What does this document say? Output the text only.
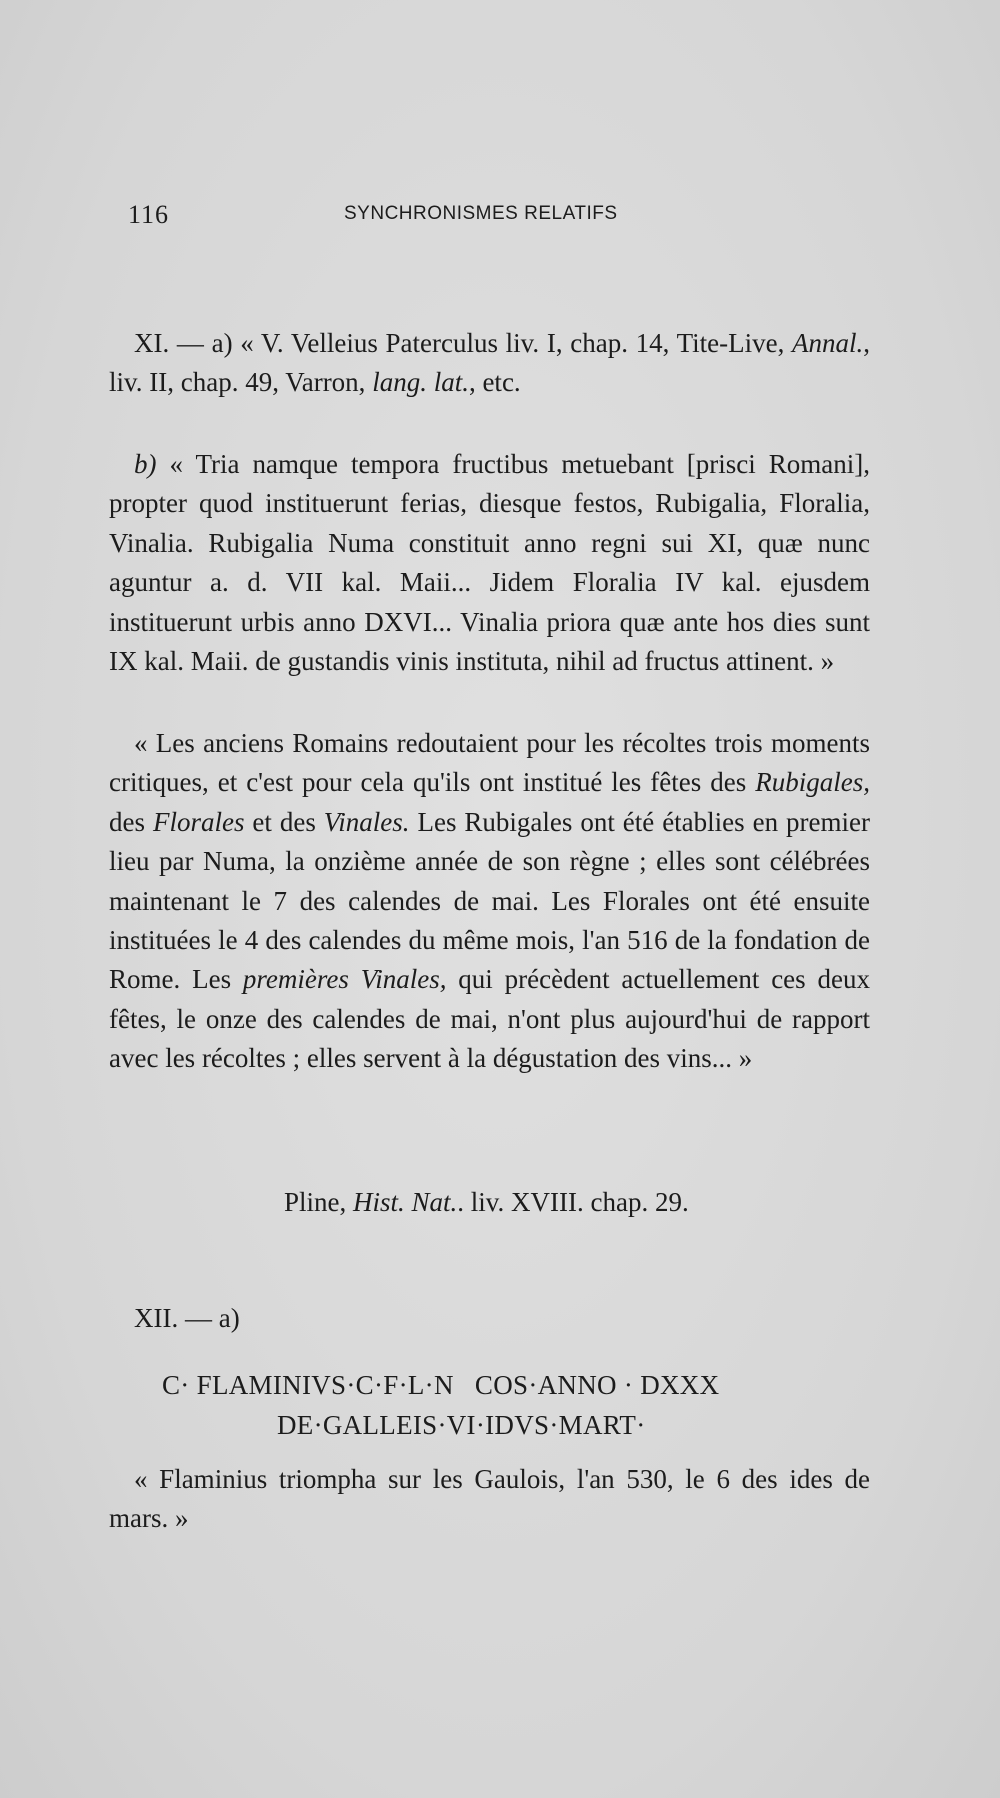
116	SYNCHRONISMES RELATIFS

XI. — a) « V. Velleius Paterculus liv. I, chap. 14, Tite-Live, Annal., liv. II, chap. 49, Varron, lang. lat., etc.

b) « Tria namque tempora fructibus metuebant [prisci Romani], propter quod instituerunt ferias, diesque festos, Rubigalia, Floralia, Vinalia. Rubigalia Numa constituit anno regni sui XI, quæ nunc aguntur a. d. VII kal. Maii... Jidem Floralia IV kal. ejusdem instituerunt urbis anno DXVI... Vinalia priora quæ ante hos dies sunt IX kal. Maii. de gustandis vinis instituta, nihil ad fructus attinent. »

« Les anciens Romains redoutaient pour les récoltes trois moments critiques, et c'est pour cela qu'ils ont institué les fêtes des Rubigales, des Florales et des Vinales. Les Rubigales ont été établies en premier lieu par Numa, la onzième année de son règne ; elles sont célébrées maintenant le 7 des calendes de mai. Les Florales ont été ensuite instituées le 4 des calendes du même mois, l'an 516 de la fondation de Rome. Les premières Vinales, qui précèdent actuellement ces deux fêtes, le onze des calendes de mai, n'ont plus aujourd'hui de rapport avec les récoltes ; elles servent à la dégustation des vins... »

Pline, Hist. Nat.. liv. XVIII. chap. 29.
XII. — a)
C· FLAMINIVS·C·F·L·N   COS·ANNO · DXXX
DE·GALLEIS·VI·IDVS·MART·

« Flaminius triompha sur les Gaulois, l'an 530, le 6 des ides de mars. »
